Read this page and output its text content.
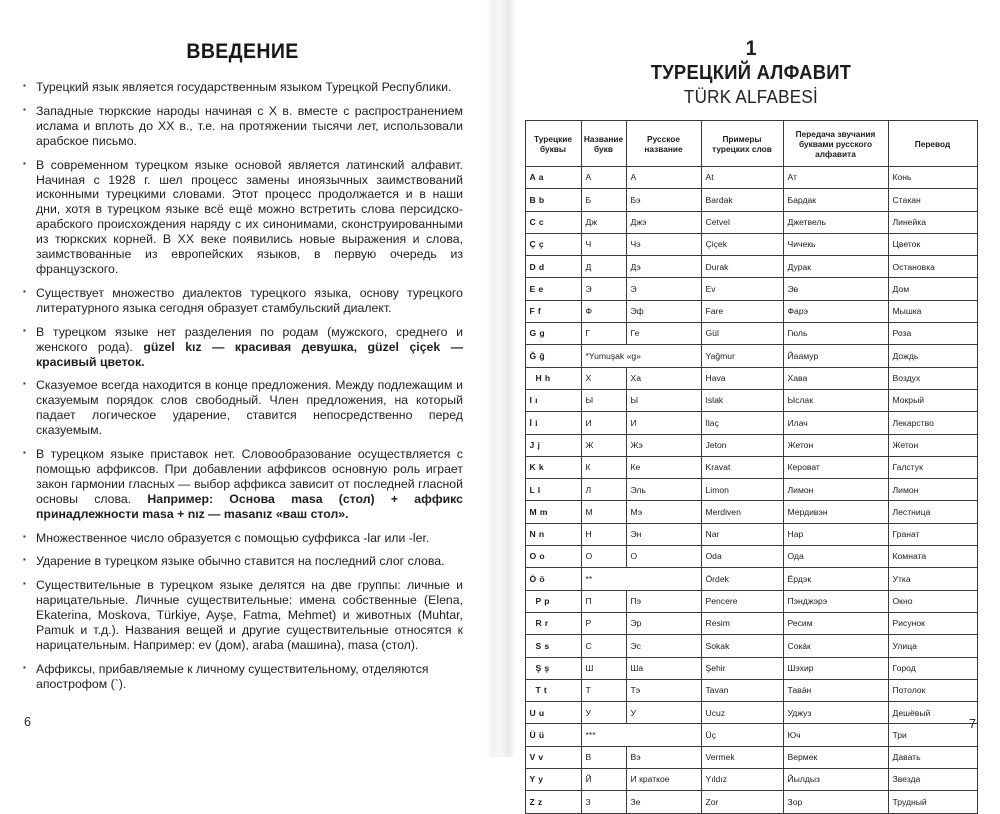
ВВЕДЕНИЕ
▪ Турецкий язык является государственным языком Турецкой Республики.
▪ Западные тюркские народы начиная с X в. вместе с распространением ислама и вплоть до XX в., т.е. на протяжении тысячи лет, использовали арабское письмо.
▪ В современном турецком языке основой является латинский алфавит. Начиная с 1928 г. шел процесс замены иноязычных заимствований исконными турецкими словами. Этот процесс продолжается и в наши дни, хотя в турецком языке всё ещё можно встретить слова персидско-арабского происхождения наряду с их синонимами, сконструированными из тюркских корней. В XX веке появились новые выражения и слова, заимствованные из европейских языков, в первую очередь из французского.
▪ Существует множество диалектов турецкого языка, основу турецкого литературного языка сегодня образует стамбульский диалект.
▪ В турецком языке нет разделения по родам (мужского, среднего и женского рода). güzel kız — красивая девушка, güzel çiçek — красивый цветок.
▪ Сказуемое всегда находится в конце предложения. Между подлежащим и сказуемым порядок слов свободный. Член предложения, на который падает логическое ударение, ставится непосредственно перед сказуемым.
▪ В турецком языке приставок нет. Словообразование осуществляется с помощью аффиксов. При добавлении аффиксов основную роль играет закон гармонии гласных — выбор аффикса зависит от последней гласной основы слова. Например: Основа masa (стол) + аффикс принадлежности masa + nız — masanız «ваш стол».
▪ Множественное число образуется с помощью суффикса -lar или -ler.
▪ Ударение в турецком языке обычно ставится на последний слог слова.
▪ Существительные в турецком языке делятся на две группы: личные и нарицательные. Личные существительные: имена собственные (Elena, Ekaterina, Moskova, Türkiye, Ayşe, Fatma, Mehmet) и животных (Muhtar, Pamuk и т.д.). Названия вещей и другие существительные относятся к нарицательным. Например: ev (дом), araba (машина), masa (стол).
▪ Аффиксы, прибавляемые к личному существительному, отделяются апострофом (`).
6
1
ТУРЕЦКИЙ АЛФАВИТ
TÜRK ALFABESİ
Турецкие буквы	Название букв	Русское название	Примеры турецких слов	Передача звучания буквами русского алфавита	Перевод
A a	А	А	At	Ат	Конь
B b	Б	Бэ	Bardak	Бардак	Стакан
C c	Дж	Джэ	Cetvel	Джетвель	Линейка
Ç ç	Ч	Чэ	Çiçek	Чичекь	Цветок
D d	Д	Дэ	Durak	Дурак	Остановка
E e	Э	Э	Ev	Эв	Дом
F f	Ф	Эф	Fare	Фарэ	Мышка
G g	Г	Ге	Gül	Гюль	Роза
Ğ ğ	*Yumuşak «g»		Yağmur	Йаамур	Дождь
H h	Х	Ха	Hava	Хава	Воздух
I ı	Ы	Ы	Islak	Ыслак	Мокрый
İ i	И	И	İlaç	Илач	Лекарство
J j	Ж	Жэ	Jeton	Жетон	Жетон
K k	К	Ке	Kravat	Кероват	Галстук
L l	Л	Эль	Limon	Лимон	Лимон
M m	М	Мэ	Merdiven	Мердивэн	Лестница
N n	Н	Эн	Nar	Нар	Гранат
O o	О	О	Oda	Ода	Комната
Ö ö	**		Ördek	Ёрдэк	Утка
P p	П	Пэ	Pencere	Пэнджэрэ	Окно
R r	Р	Эр	Resim	Ресим	Рисунок
S s	С	Эс	Sokak	Сокáк	Улица
Ş ş	Ш	Ша	Şehir	Шэхир	Город
T t	Т	Тэ	Tavan	Тавáн	Потолок
U u	У	У	Ucuz	Уджуз	Дешёвый
Ü ü	***		Üç	Юч	Три
V v	В	Вэ	Vermek	Вермек	Давать
Y y	Й	И краткое	Yıldız	Йылдыз	Звезда
Z z	З	Зе	Zor	Зор	Трудный
7
